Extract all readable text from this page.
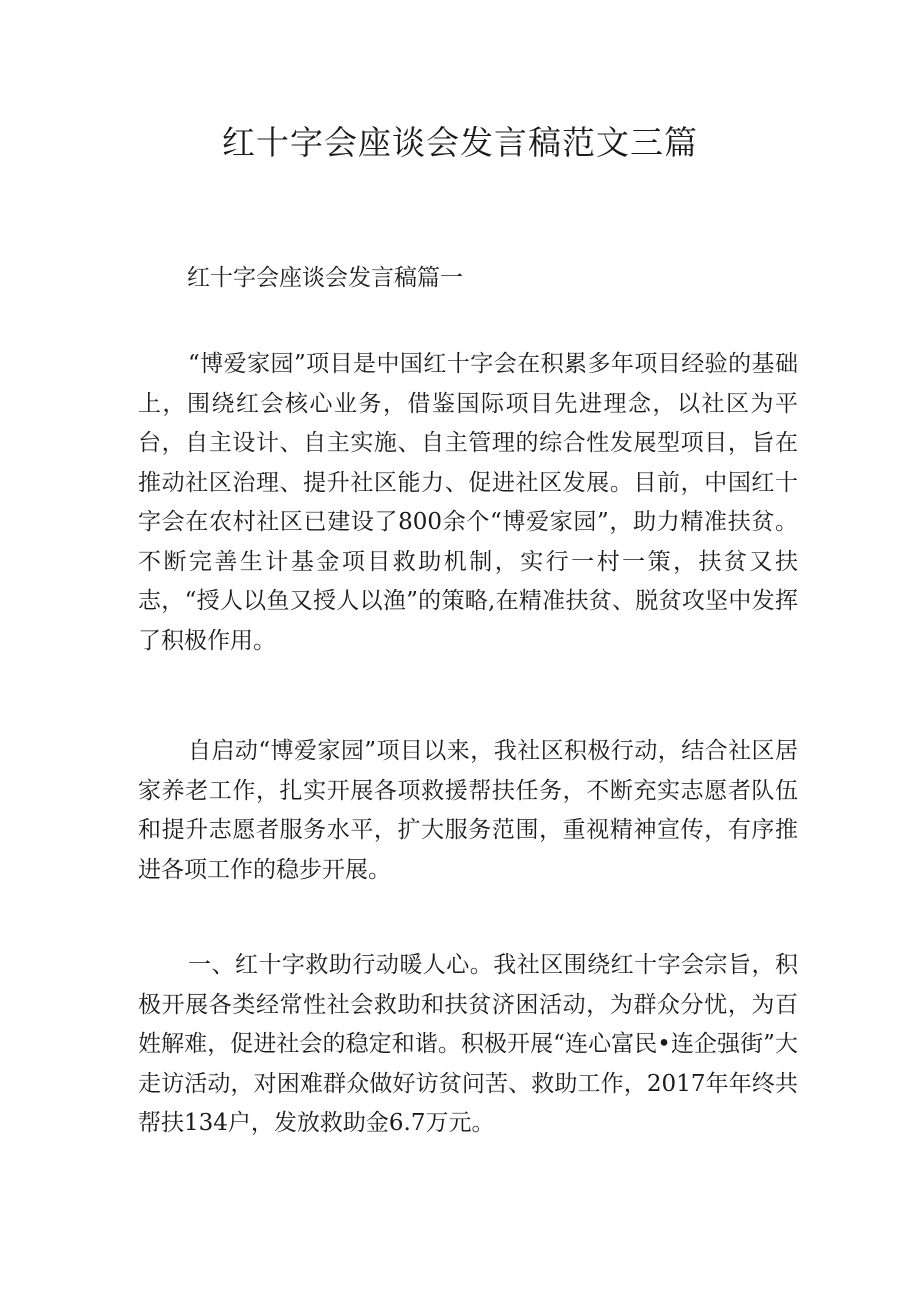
红十字会座谈会发言稿范文三篇
红十字会座谈会发言稿篇一

“博爱家园”项目是中国红十字会在积累多年项目经验的基础上，围绕红会核心业务，借鉴国际项目先进理念，以社区为平台，自主设计、自主实施、自主管理的综合性发展型项目，旨在推动社区治理、提升社区能力、促进社区发展。目前，中国红十字会在农村社区已建设了800余个“博爱家园”，助力精准扶贫。不断完善生计基金项目救助机制，实行一村一策，扶贫又扶志，“授人以鱼又授人以渔”的策略,在精准扶贫、脱贫攻坚中发挥了积极作用。

自启动“博爱家园”项目以来，我社区积极行动，结合社区居家养老工作，扎实开展各项救援帮扶任务，不断充实志愿者队伍和提升志愿者服务水平，扩大服务范围，重视精神宣传，有序推进各项工作的稳步开展。

一、红十字救助行动暖人心。我社区围绕红十字会宗旨，积极开展各类经常性社会救助和扶贫济困活动，为群众分忧，为百姓解难，促进社会的稳定和谐。积极开展“连心富民•连企强街”大走访活动，对困难群众做好访贫问苦、救助工作，2017年年终共帮扶134户，发放救助金6.7万元。
